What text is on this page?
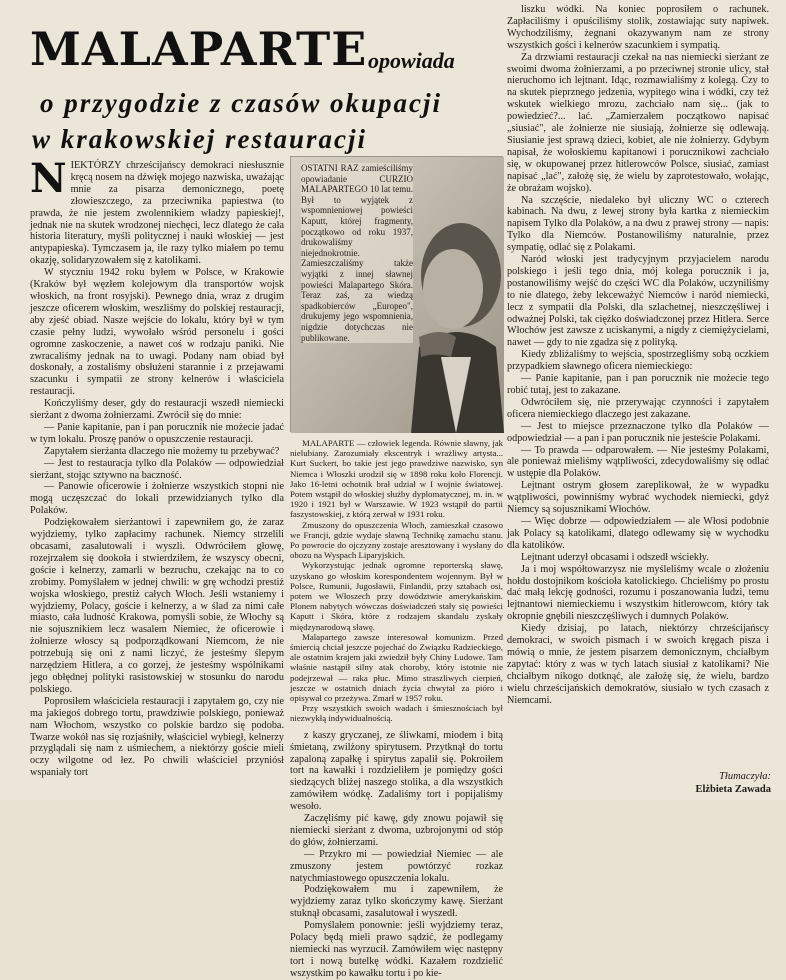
MALAPARTE opowiada
o przygodzie z czasów okupacji
w krakowskiej restauracji

NIEKTÓRZY chrześcijańscy demokraci niesłusznie kręcą nosem na dźwięk mojego nazwiska, uważając mnie za pisarza demonicznego, poetę złowieszczego, za przeciwnika papiestwa (to prawda, że nie jestem zwolennikiem władzy papieskiej!, jednak nie na skutek wrodzonej niechęci, lecz dlatego że cała historia literatury, myśli politycznej i nauki włoskiej — jest antypapieska). Tymczasem ja, ile razy tylko miałem po temu okazję, solidaryzowałem się z katolikami.

W styczniu 1942 roku byłem w Polsce, w Krakowie (Kraków był węzłem kolejowym dla transportów wojsk włoskich, na front rosyjski). Pewnego dnia, wraz z drugim jeszcze oficerem włoskim, weszliśmy do polskiej restauracji, aby zjeść obiad. Nasze wejście do lokalu, który był w tym czasie pełny ludzi, wywołało wśród personelu i gości ogromne zaskoczenie, a nawet coś w rodzaju paniki. Nie zwracaliśmy jednak na to uwagi. Podany nam obiad był doskonały, a zostaliśmy obsłużeni starannie i z przejawami szacunku i sympatii ze strony kelnerów i właściciela restauracji.

Kończyliśmy deser, gdy do restauracji wszedł niemiecki sierżant z dwoma żołnierzami. Zwrócił się do mnie:

— Panie kapitanie, pan i pan porucznik nie możecie jadać w tym lokalu. Proszę panów o opuszczenie restauracji.

Zapytałem sierżanta dlaczego nie możemy tu przebywać?

— Jest to restauracja tylko dla Polaków — odpowiedział sierżant, stojąc sztywno na baczność.

— Panowie oficerowie i żołnierze wszystkich stopni nie mogą uczęszczać do lokali przewidzianych tylko dla Polaków.

Podziękowałem sierżantowi i zapewniłem go, że zaraz wyjdziemy, tylko zapłacimy rachunek. Niemcy strzelili obcasami, zasalutowali i wyszli. Odwróciłem głowę, rozejrzałem się dookoła i stwierdziłem, że wszyscy obecni, goście i kelnerzy, zamarli w bezruchu, czekając na to co zrobimy. Pomyślałem w jednej chwili: w grę wchodzi prestiż wojska włoskiego, prestiż całych Włoch. Jeśli wstaniemy i wyjdziemy, Polacy, goście i kelnerzy, a w ślad za nimi całe miasto, cała ludność Krakowa, pomyśli sobie, że Włochy są nie sojusznikiem lecz wasalem Niemiec, że oficerowie i żołnierze włoscy są podporządkowani Niemcom, że nie potrzebują się oni z nami liczyć, że jesteśmy ślepym narzędziem Hitlera, a co gorzej, że jesteśmy wspólnikami jego obłędnej polityki rasistowskiej w stosunku do narodu polskiego.

Poprosiłem właściciela restauracji i zapytałem go, czy nie ma jakiegoś dobrego tortu, prawdziwie polskiego, ponieważ nam Włochom, wszystko co polskie bardzo się podoba. Twarze wokół nas się rozjaśniły, właściciel wybiegł, kelnerzy przyglądali się nam z uśmiechem, a niektórzy goście mieli oczy wilgotne od łez. Po chwili właściciel przyniósł wspaniały tort

OSTATNI RAZ zamieściliśmy opowiadanie CURZIO MALAPARTEGO 10 lat temu. Był to wyjątek z wspomnieniowej powieści Kaputt, której fragmenty, początkowo od roku 1937, drukowaliśmy niejednokrotnie. Zamieszczaliśmy także wyjątki z innej sławnej powieści Malapartego Skóra. Teraz zaś, za wiedzą spadkobierców „Europeo", drukujemy jego wspomnienia, nigdzie dotychczas nie publikowane.

MALAPARTE — człowiek legenda. Równie sławny, jak nielubiany. Zarozumiały ekscentryk i wrażliwy artysta... Kurt Suckert, bo takie jest jego prawdziwe nazwisko, syn Niemca i Włoszki urodził się w 1898 roku koło Florencji. Jako 16-letni ochotnik brał udział w I wojnie światowej. Potem wstąpił do włoskiej służby dyplomatycznej, m. in. w 1920 i 1921 był w Warszawie. W 1923 wstąpił do partii faszystowskiej, z którą zerwał w 1931 roku.

Zmuszony do opuszczenia Włoch, zamieszkał czasowo we Francji, gdzie wydaje sławną Technikę zamachu stanu. Po powrocie do ojczyzny zostaje aresztowany i wysłany do obozu na Wyspach Liparyjskich.

Wykorzystując jednak ogromne reporterską sławę, uzyskano go włoskim korespondentem wojennym. Był w Polsce, Rumunii, Jugosławii, Finlandii, przy sztabach osi, potem we Włoszech przy dowództwie amerykańskim. Plonem nabytych wówczas doświadczeń stały się powieści Kaputt i Skóra, które z rodzajem skandalu zyskały międzynarodową sławę.

Malapartego zawsze interesował komunizm. Przed śmiercią chciał jeszcze pojechać do Związku Radzieckiego, ale ostatnim krajem jaki zwiedził były Chiny Ludowe. Tam właśnie nastąpił silny atak choroby, który istotnie nie podejrzewał — raka płuc. Mimo straszliwych cierpień, jeszcze w ostatnich dniach życia chwytał za pióro i opisywał co przeżywa. Zmarł w 1957 roku.

Przy wszystkich swoich wadach i śmiesznościach był niezwykłą indywidualnością.

z kaszy gryczanej, ze śliwkami, miodem i bitą śmietaną, zwilżony spirytusem. Przytknął do tortu zapaloną zapałkę i spirytus zapalił się. Pokroiłem tort na kawałki i rozdzieliłem je pomiędzy gości siedzących bliżej naszego stolika, a dla wszystkich zamówiłem wódkę. Zadaliśmy tort i popijaliśmy wesoło.

Zaczęliśmy pić kawę, gdy znowu pojawił się niemiecki sierżant z dwoma, uzbrojonymi od stóp do głów, żołnierzami.

— Przykro mi — powiedział Niemiec — ale zmuszony jestem powtórzyć rozkaz natychmiastowego opuszczenia lokalu.

Podziękowałem mu i zapewniłem, że wyjdziemy zaraz tylko skończymy kawę. Sierżant stuknął obcasami, zasalutował i wyszedł.

Pomyślałem ponownie: jeśli wyjdziemy teraz, Polacy będą mieli prawo sądzić, że podlegamy niemiecki nas wyrzucił. Zamówiłem więc następny tort i nową butelkę wódki. Kazałem rozdzielić wszystkim po kawałku tortu i po kie-

liszku wódki. Na koniec poprosiłem o rachunek. Zapłaciliśmy i opuściliśmy stolik, zostawiając suty napiwek. Wychodziliśmy, żegnani okazywanym nam ze strony wszystkich gości i kelnerów szacunkiem i sympatią.

Za drzwiami restauracji czekał na nas niemiecki sierżant ze swoimi dwoma żołnierzami, a po przeciwnej stronie ulicy, stał nieruchomo ich lejtnant. Idąc, rozmawialiśmy z kolegą. Czy to na skutek pieprznego jedzenia, wypitego wina i wódki, czy też wskutek wielkiego mrozu, zachciało nam się... (jak to powiedzieć?... lać. „Zamierzałem początkowo napisać „siusiać", ale żołnierze nie siusiają, żołnierze się odlewają. Siusianie jest sprawą dzieci, kobiet, ale nie żołnierzy. Gdybym napisał, że wołoskiemu kapitanowi i porucznikowi zachciało się, w okupowanej przez hitlerowców Polsce, siusiać, zamiast napisać „lać", założę się, że wielu by zaprotestowało, wołając, że obrażam wojsko).

Na szczęście, niedaleko był uliczny WC o czterech kabinach. Na dwu, z lewej strony była kartka z niemieckim napisem Tylko dla Polaków, a na dwu z prawej strony — napis: Tylko dla Niemców. Postanowiliśmy naturalnie, przez sympatię, odlać się z Polakami.

Naród włoski jest tradycyjnym przyjacielem narodu polskiego i jeśli tego dnia, mój kolega porucznik i ja, postanowiliśmy wejść do części WC dla Polaków, uczyniliśmy to nie dlatego, żeby lekceważyć Niemców i naród niemiecki, lecz z sympatii dla Polski, dla szlachetnej, nieszczęśliwej i odważnej Polski, tak ciężko doświadczonej przez Hitlera. Serce Włochów jest zawsze z uciskanymi, a nigdy z ciemiężycielami, nawet — gdy to nie zgadza się z polityką.

Kiedy zbliżaliśmy to wejścia, spostrzegliśmy sobą oczkiem przypadkiem sławnego oficera niemieckiego:

— Panie kapitanie, pan i pan porucznik nie możecie tego robić tutaj, jest to zakazane.

Odwróciłem się, nie przerywając czynności i zapytałem oficera niemieckiego dlaczego jest zakazane.

— Jest to miejsce przeznaczone tylko dla Polaków — odpowiedział — a pan i pan porucznik nie jesteście Polakami.

— To prawda — odparowałem. — Nie jesteśmy Polakami, ale ponieważ mieliśmy wątpliwości, zdecydowaliśmy się odlać w ustępie dla Polaków.

Lejtnant ostrym głosem zareplikował, że w wypadku wątpliwości, powinniśmy wybrać wychodek niemiecki, gdyż Niemcy są sojusznikami Włochów.

— Więc dobrze — odpowiedziałem — ale Włosi podobnie jak Polacy są katolikami, dlatego odlewamy się w wychodku dla katolików.

Lejtnant uderzył obcasami i odszedł wściekły.

Ja i moj współtowarzysz nie myśleliśmy wcale o złożeniu hołdu dostojnikom kościoła katolickiego. Chcieliśmy po prostu dać małą lekcję godności, rozumu i poszanowania ludzi, temu lejtnantowi niemieckiemu i wszystkim hitlerowcom, który tak okropnie gnębili nieszczęśliwych i dumnych Polaków.

Kiedy dzisiaj, po latach, niektórzy chrześcijańscy demokraci, w swoich pismach i w swoich kręgach pisza i mówią o mnie, że jestem pisarzem demonicznym, chciałbym zapytać: który z was w tych latach siusiał z katolikami? Nie chciałbym nikogo dotknąć, ale założę się, że wielu, bardzo wielu chrześcijańskich demokratów, siusiało w tych czasach z Niemcami.

Tłumaczyła:
Elżbieta Zawada
